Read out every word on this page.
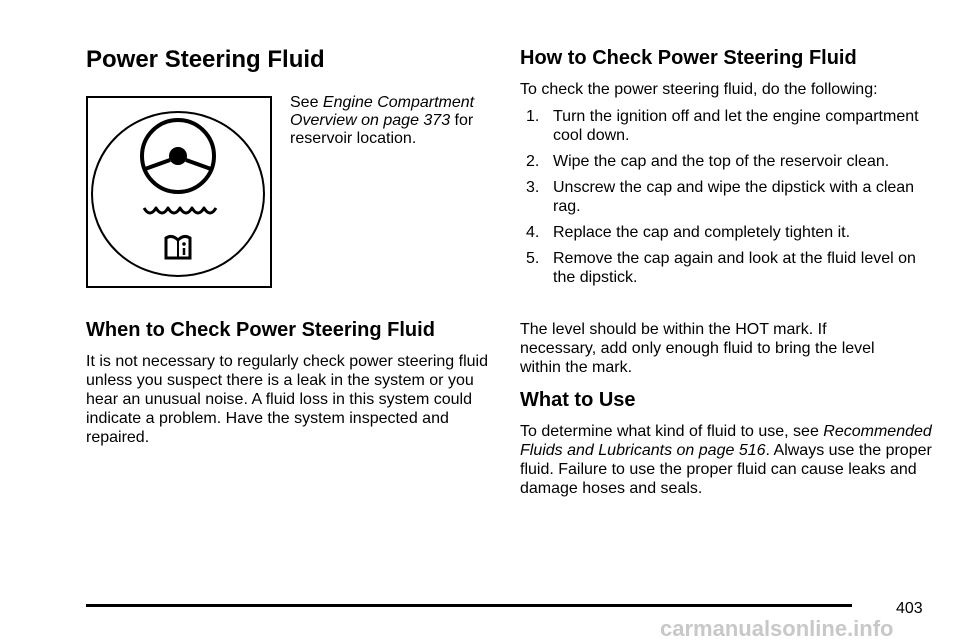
Power Steering Fluid
See Engine Compartment Overview on page 373 for reservoir location.
When to Check Power Steering Fluid

It is not necessary to regularly check power steering fluid unless you suspect there is a leak in the system or you hear an unusual noise. A fluid loss in this system could indicate a problem. Have the system inspected and repaired.

How to Check Power Steering Fluid

To check the power steering fluid, do the following:

1. Turn the ignition off and let the engine compartment cool down.
2. Wipe the cap and the top of the reservoir clean.
3. Unscrew the cap and wipe the dipstick with a clean rag.
4. Replace the cap and completely tighten it.
5. Remove the cap again and look at the fluid level on the dipstick.

The level should be within the HOT mark. If necessary, add only enough fluid to bring the level within the mark.

What to Use

To determine what kind of fluid to use, see Recommended Fluids and Lubricants on page 516. Always use the proper fluid. Failure to use the proper fluid can cause leaks and damage hoses and seals.

403
carmanualsonline.info
